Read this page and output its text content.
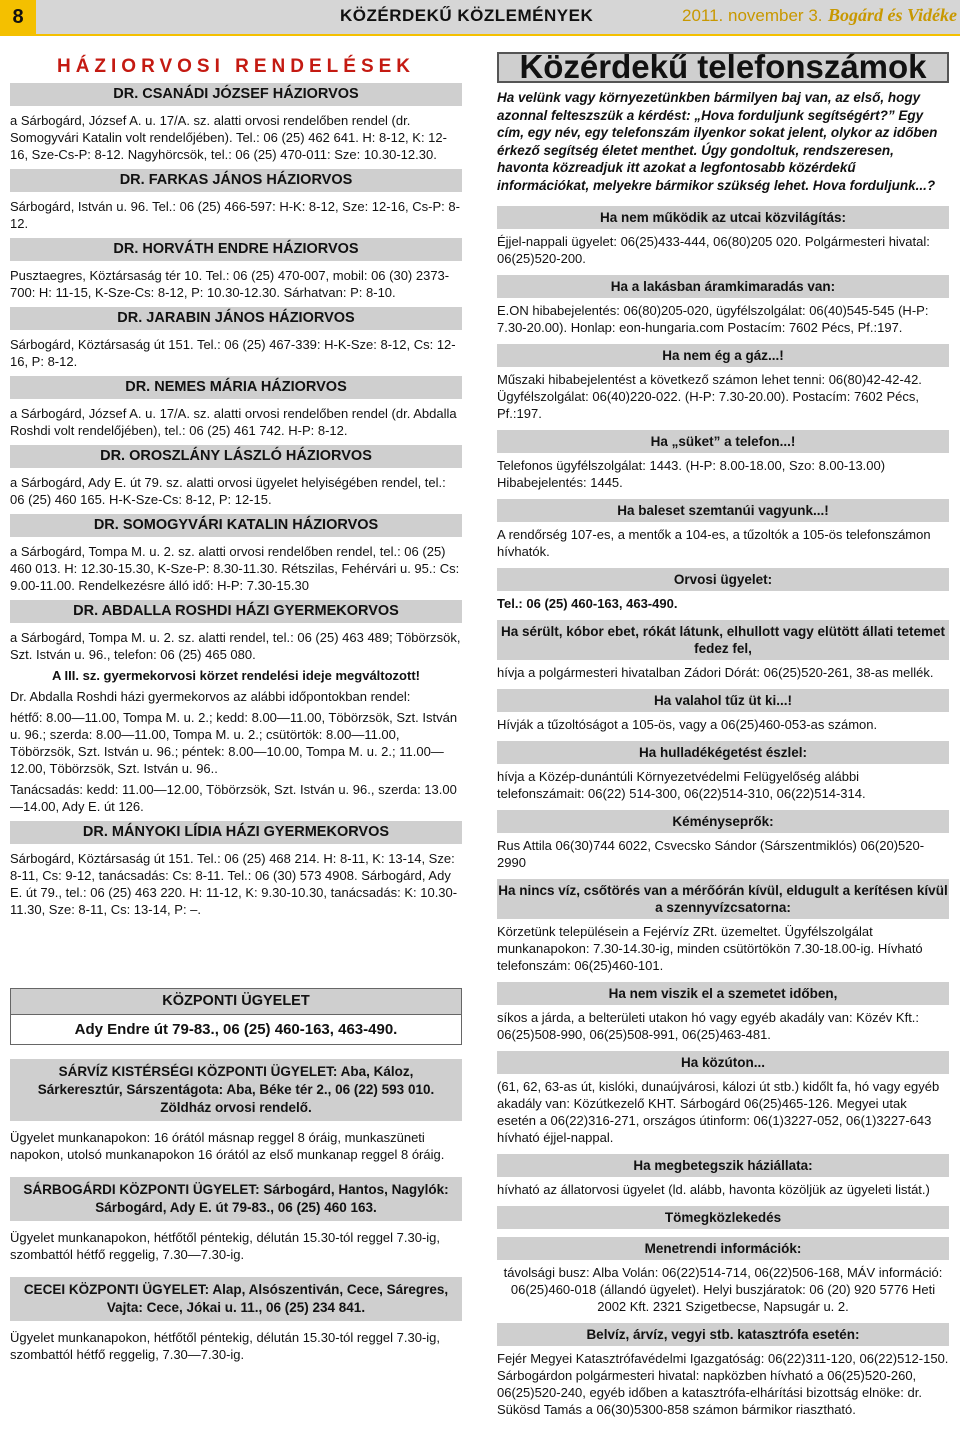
8	KÖZÉRDEKŰ KÖZLEMÉNYEK	2011. november 3. Bogárd és Vidéke
HÁZIORVOSI RENDELÉSEK
DR. CSANÁDI JÓZSEF HÁZIORVOS

a Sárbogárd, József A. u. 17/A. sz. alatti orvosi rendelőben rendel (dr. Somogyvári Katalin volt rendelőjében). Tel.: 06 (25) 462 641. H: 8-12, K: 12-16, Sze-Cs-P: 8-12. Nagyhörcsök, tel.: 06 (25) 470-011: Sze: 10.30-12.30.

DR. FARKAS JÁNOS HÁZIORVOS

Sárbogárd, István u. 96. Tel.: 06 (25) 466-597: H-K: 8-12, Sze: 12-16, Cs-P: 8-12.

DR. HORVÁTH ENDRE HÁZIORVOS

Pusztaegres, Köztársaság tér 10. Tel.: 06 (25) 470-007, mobil: 06 (30) 2373-700: H: 11-15, K-Sze-Cs: 8-12, P: 10.30-12.30. Sárhatvan: P: 8-10.

DR. JARABIN JÁNOS HÁZIORVOS

Sárbogárd, Köztársaság út 151. Tel.: 06 (25) 467-339: H-K-Sze: 8-12, Cs: 12-16, P: 8-12.

DR. NEMES MÁRIA HÁZIORVOS

a Sárbogárd, József A. u. 17/A. sz. alatti orvosi rendelőben rendel (dr. Abdalla Roshdi volt rendelőjében), tel.: 06 (25) 461 742. H-P: 8-12.

DR. OROSZLÁNY LÁSZLÓ HÁZIORVOS

a Sárbogárd, Ady E. út 79. sz. alatti orvosi ügyelet helyiségében rendel, tel.: 06 (25) 460 165. H-K-Sze-Cs: 8-12, P: 12-15.

DR. SOMOGYVÁRI KATALIN HÁZIORVOS

a Sárbogárd, Tompa M. u. 2. sz. alatti orvosi rendelőben rendel, tel.: 06 (25) 460 013. H: 12.30-15.30, K-Sze-P: 8.30-11.30. Rétszilas, Fehérvári u. 95.: Cs: 9.00-11.00. Rendelkezésre álló idő: H-P: 7.30-15.30

DR. ABDALLA ROSHDI HÁZI GYERMEKORVOS

a Sárbogárd, Tompa M. u. 2. sz. alatti rendel, tel.: 06 (25) 463 489; Töbörzsök, Szt. István u. 96., telefon: 06 (25) 465 080.

A III. sz. gyermekorvosi körzet rendelési ideje megváltozott!

Dr. Abdalla Roshdi házi gyermekorvos az alábbi időpontokban rendel:

hétfő: 8.00—11.00, Tompa M. u. 2.; kedd: 8.00—11.00, Töbörzsök, Szt. István u. 96.; szerda: 8.00—11.00, Tompa M. u. 2.; csütörtök: 8.00—11.00, Töbörzsök, Szt. István u. 96.; péntek: 8.00—10.00, Tompa M. u. 2.; 11.00—12.00, Töbörzsök, Szt. István u. 96..

Tanácsadás: kedd: 11.00—12.00, Töbörzsök, Szt. István u. 96., szerda: 13.00—14.00, Ady E. út 126.

DR. MÁNYOKI LÍDIA HÁZI GYERMEKORVOS

Sárbogárd, Köztársaság út 151. Tel.: 06 (25) 468 214. H: 8-11, K: 13-14, Sze: 8-11, Cs: 9-12, tanácsadás: Cs: 8-11. Tel.: 06 (30) 573 4908. Sárbogárd, Ady E. út 79., tel.: 06 (25) 463 220. H: 11-12, K: 9.30-10.30, tanácsadás: K: 10.30-11.30, Sze: 8-11, Cs: 13-14, P: –.

KÖZPONTI ÜGYELET
Ady Endre út 79-83., 06 (25) 460-163, 463-490.
SÁRVÍZ KISTÉRSÉGI KÖZPONTI ÜGYELET: Aba, Káloz, Sárkeresztúr, Sárszentágota: Aba, Béke tér 2., 06 (22) 593 010. Zöldház orvosi rendelő.

Ügyelet munkanapokon: 16 órától másnap reggel 8 óráig, munkaszüneti napokon, utolsó munkanapokon 16 órától az első munkanap reggel 8 óráig.

SÁRBOGÁRDI KÖZPONTI ÜGYELET: Sárbogárd, Hantos, Nagylók: Sárbogárd, Ady E. út 79-83., 06 (25) 460 163.

Ügyelet munkanapokon, hétfőtől péntekig, délután 15.30-tól reggel 7.30-ig, szombattól hétfő reggelig, 7.30—7.30-ig.

CECEI KÖZPONTI ÜGYELET: Alap, Alsószentiván, Cece, Sáregres, Vajta: Cece, Jókai u. 11., 06 (25) 234 841.

Ügyelet munkanapokon, hétfőtől péntekig, délután 15.30-tól reggel 7.30-ig, szombattól hétfő reggelig, 7.30—7.30-ig.

Közérdekű telefonszámok
Ha velünk vagy környezetünkben bármilyen baj van, az első, hogy azonnal felteszszük a kérdést: „Hova forduljunk segítségért?” Egy cím, egy név, egy telefonszám ilyenkor sokat jelent, olykor az időben érkező segítség életet menthet. Úgy gondoltuk, rendszeresen, havonta közreadjuk itt azokat a legfontosabb közérdekű információkat, melyekre bármikor szükség lehet. Hova forduljunk...?
Ha nem működik az utcai közvilágítás:

Éjjel-nappali ügyelet: 06(25)433-444, 06(80)205 020. Polgármesteri hivatal: 06(25)520-200.

Ha a lakásban áramkimaradás van:

E.ON hibabejelentés: 06(80)205-020, ügyfélszolgálat: 06(40)545-545 (H-P: 7.30-20.00). Honlap: eon-hungaria.com Postacím: 7602 Pécs, Pf.:197.

Ha nem ég a gáz...!

Műszaki hibabejelentést a következő számon lehet tenni: 06(80)42-42-42. Ügyfélszolgálat: 06(40)220-022. (H-P: 7.30-20.00). Postacím: 7602 Pécs, Pf.:197.

Ha „süket” a telefon...!

Telefonos ügyfélszolgálat: 1443. (H-P: 8.00-18.00, Szo: 8.00-13.00) Hibabejelentés: 1445.

Ha baleset szemtanúi vagyunk...!

A rendőrség 107-es, a mentők a 104-es, a tűzoltók a 105-ös telefonszámon hívhatók.

Orvosi ügyelet:

Tel.: 06 (25) 460-163, 463-490.

Ha sérült, kóbor ebet, rókát látunk, elhullott vagy elütött állati tetemet fedez fel,

hívja a polgármesteri hivatalban Zádori Dórát: 06(25)520-261, 38-as mellék.

Ha valahol tűz üt ki...!

Hívják a tűzoltóságot a 105-ös, vagy a 06(25)460-053-as számon.

Ha hulladékégetést észlel:

hívja a Közép-dunántúli Környezetvédelmi Felügyelőség alábbi telefonszámait: 06(22) 514-300, 06(22)514-310, 06(22)514-314.

Kéményseprők:

Rus Attila 06(30)744 6022, Csvecsko Sándor (Sárszentmiklós) 06(20)520-2990

Ha nincs víz, csőtörés van a mérőórán kívül, eldugult a kerítésen kívül a szennyvízcsatorna:

Körzetünk településein a Fejérvíz ZRt. üzemeltet. Ügyfélszolgálat munkanapokon: 7.30-14.30-ig, minden csütörtökön 7.30-18.00-ig. Hívható telefonszám: 06(25)460-101.

Ha nem viszik el a szemetet időben,

síkos a járda, a belterületi utakon hó vagy egyéb akadály van: Közév Kft.: 06(25)508-990, 06(25)508-991, 06(25)463-481.

Ha közúton...

(61, 62, 63-as út, kislóki, dunaújvárosi, kálozi út stb.) kidőlt fa, hó vagy egyéb akadály van: Közútkezelő KHT. Sárbogárd 06(25)465-126. Megyei utak esetén a 06(22)316-271, országos útinform: 06(1)3227-052, 06(1)3227-643 hívható éjjel-nappal.

Ha megbetegszik háziállata:

hívható az állatorvosi ügyelet (ld. alább, havonta közöljük az ügyeleti listát.)

Tömegközlekedés
Menetrendi információk:

távolsági busz: Alba Volán: 06(22)514-714, 06(22)506-168, MÁV információ: 06(25)460-018 (állandó ügyelet). Helyi buszjáratok: 06 (20) 920 5776 Heti 2002 Kft. 2321 Szigetbecse, Napsugár u. 2.

Belvíz, árvíz, vegyi stb. katasztrófa esetén:

Fejér Megyei Katasztrófavédelmi Igazgatóság: 06(22)311-120, 06(22)512-150. Sárbogárdon polgármesteri hivatal: napközben hívható a 06(25)520-260, 06(25)520-240, egyéb időben a katasztrófa-elhárítási bizottság elnöke: dr. Sükösd Tamás a 06(30)5300-858 számon bármikor riasztható.
